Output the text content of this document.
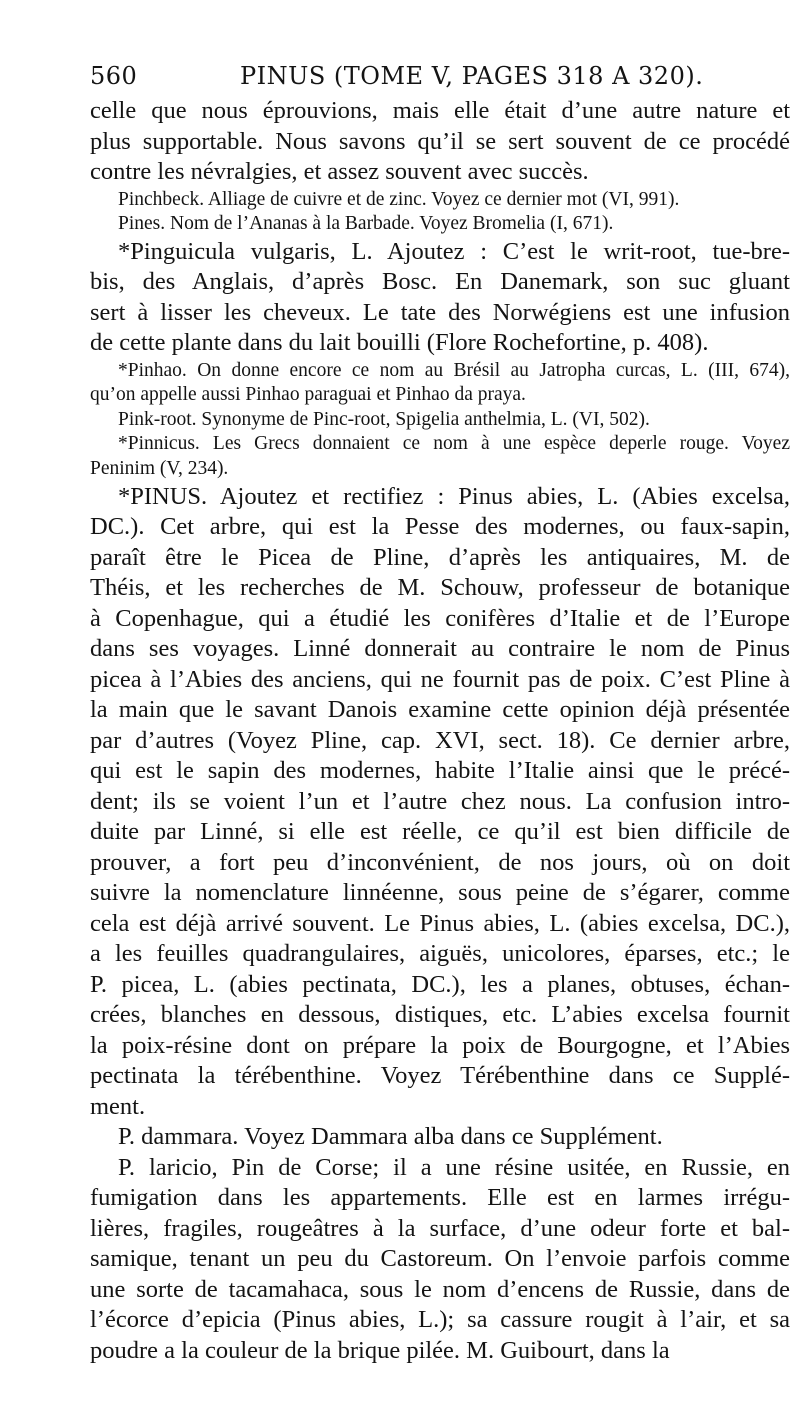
560	PINUS (TOME V, PAGES 318 A 320).
celle que nous éprouvions, mais elle était d’une autre nature et
plus supportable. Nous savons qu’il se sert souvent de ce procédé
contre les névralgies, et assez souvent avec succès.
Pinchbeck. Alliage de cuivre et de zinc. Voyez ce dernier mot (VI, 991).
Pines. Nom de l’Ananas à la Barbade. Voyez Bromelia (I, 671).
*Pinguicula vulgaris, L. Ajoutez : C’est le writ-root, tue-bre-
bis, des Anglais, d’après Bosc. En Danemark, son suc gluant
sert à lisser les cheveux. Le tate des Norwégiens est une infusion
de cette plante dans du lait bouilli (Flore Rochefortine, p. 408).
*Pinhao. On donne encore ce nom au Brésil au Jatropha curcas, L. (III, 674),
qu’on appelle aussi Pinhao paraguai et Pinhao da praya.
Pink-root. Synonyme de Pinc-root, Spigelia anthelmia, L. (VI, 502).
*Pinnicus. Les Grecs donnaient ce nom à une espèce deperle rouge. Voyez
Peninim (V, 234).
*PINUS. Ajoutez et rectifiez : Pinus abies, L. (Abies excelsa,
DC.). Cet arbre, qui est la Pesse des modernes, ou faux-sapin,
paraît être le Picea de Pline, d’après les antiquaires, M. de
Théis, et les recherches de M. Schouw, professeur de botanique
à Copenhague, qui a étudié les conifères d’Italie et de l’Europe
dans ses voyages. Linné donnerait au contraire le nom de Pinus
picea à l’Abies des anciens, qui ne fournit pas de poix. C’est Pline à
la main que le savant Danois examine cette opinion déjà présentée
par d’autres (Voyez Pline, cap. XVI, sect. 18). Ce dernier arbre,
qui est le sapin des modernes, habite l’Italie ainsi que le précé-
dent; ils se voient l’un et l’autre chez nous. La confusion intro-
duite par Linné, si elle est réelle, ce qu’il est bien difficile de
prouver, a fort peu d’inconvénient, de nos jours, où on doit
suivre la nomenclature linnéenne, sous peine de s’égarer, comme
cela est déjà arrivé souvent. Le Pinus abies, L. (abies excelsa, DC.),
a les feuilles quadrangulaires, aiguës, unicolores, éparses, etc.; le
P. picea, L. (abies pectinata, DC.), les a planes, obtuses, échan-
crées, blanches en dessous, distiques, etc. L’abies excelsa fournit
la poix-résine dont on prépare la poix de Bourgogne, et l’Abies
pectinata la térébenthine. Voyez Térébenthine dans ce Supplé-
ment.
P. dammara. Voyez Dammara alba dans ce Supplément.
P. laricio, Pin de Corse; il a une résine usitée, en Russie, en
fumigation dans les appartements. Elle est en larmes irrégu-
lières, fragiles, rougeâtres à la surface, d’une odeur forte et bal-
samique, tenant un peu du Castoreum. On l’envoie parfois comme
une sorte de tacamahaca, sous le nom d’encens de Russie, dans de
l’écorce d’epicia (Pinus abies, L.); sa cassure rougit à l’air, et sa
poudre a la couleur de la brique pilée. M. Guibourt, dans la
